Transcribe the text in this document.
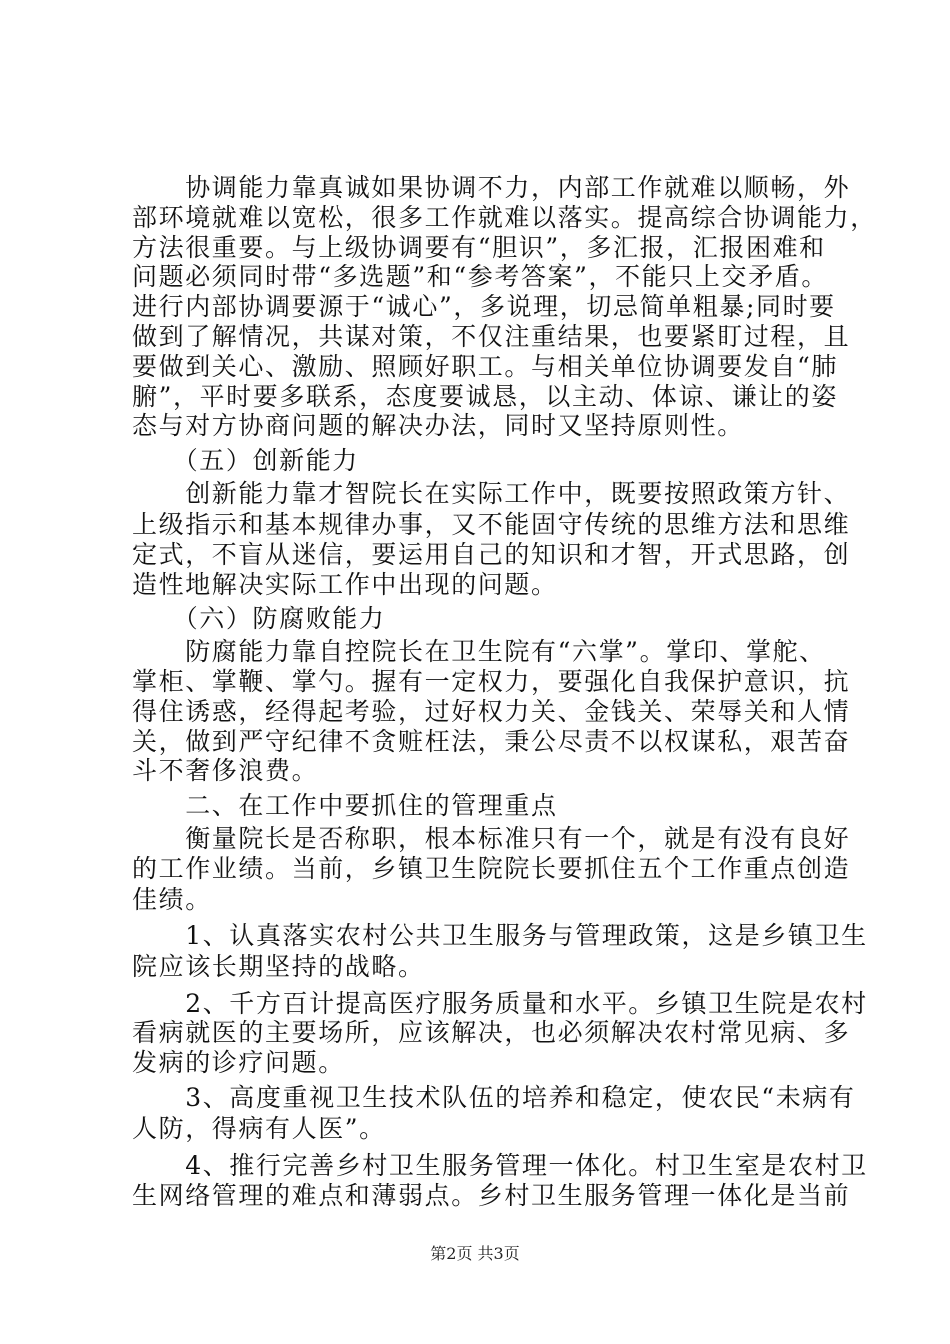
　　协调能力靠真诚如果协调不力，内部工作就难以顺畅，外
部环境就难以宽松，很多工作就难以落实。提高综合协调能力，
方法很重要。与上级协调要有“胆识”，多汇报，汇报困难和
问题必须同时带“多选题”和“参考答案”，不能只上交矛盾。
进行内部协调要源于“诚心”，多说理，切忌简单粗暴;同时要
做到了解情况，共谋对策，不仅注重结果，也要紧盯过程，且
要做到关心、激励、照顾好职工。与相关单位协调要发自“肺
腑”，平时要多联系，态度要诚恳，以主动、体谅、谦让的姿
态与对方协商问题的解决办法，同时又坚持原则性。
　　（五）创新能力
　　创新能力靠才智院长在实际工作中，既要按照政策方针、
上级指示和基本规律办事，又不能固守传统的思维方法和思维
定式，不盲从迷信，要运用自己的知识和才智，开式思路，创
造性地解决实际工作中出现的问题。
　　（六）防腐败能力
　　防腐能力靠自控院长在卫生院有“六掌”。掌印、掌舵、
掌柜、掌鞭、掌勺。握有一定权力，要强化自我保护意识，抗
得住诱惑，经得起考验，过好权力关、金钱关、荣辱关和人情
关，做到严守纪律不贪赃枉法，秉公尽责不以权谋私，艰苦奋
斗不奢侈浪费。
　　二、在工作中要抓住的管理重点
　　衡量院长是否称职，根本标准只有一个，就是有没有良好
的工作业绩。当前，乡镇卫生院院长要抓住五个工作重点创造
佳绩。
　　1、认真落实农村公共卫生服务与管理政策，这是乡镇卫生
院应该长期坚持的战略。
　　2、千方百计提高医疗服务质量和水平。乡镇卫生院是农村
看病就医的主要场所，应该解决，也必须解决农村常见病、多
发病的诊疗问题。
　　3、高度重视卫生技术队伍的培养和稳定，使农民“未病有
人防，得病有人医”。
　　4、推行完善乡村卫生服务管理一体化。村卫生室是农村卫
生网络管理的难点和薄弱点。乡村卫生服务管理一体化是当前
第2页 共3页
